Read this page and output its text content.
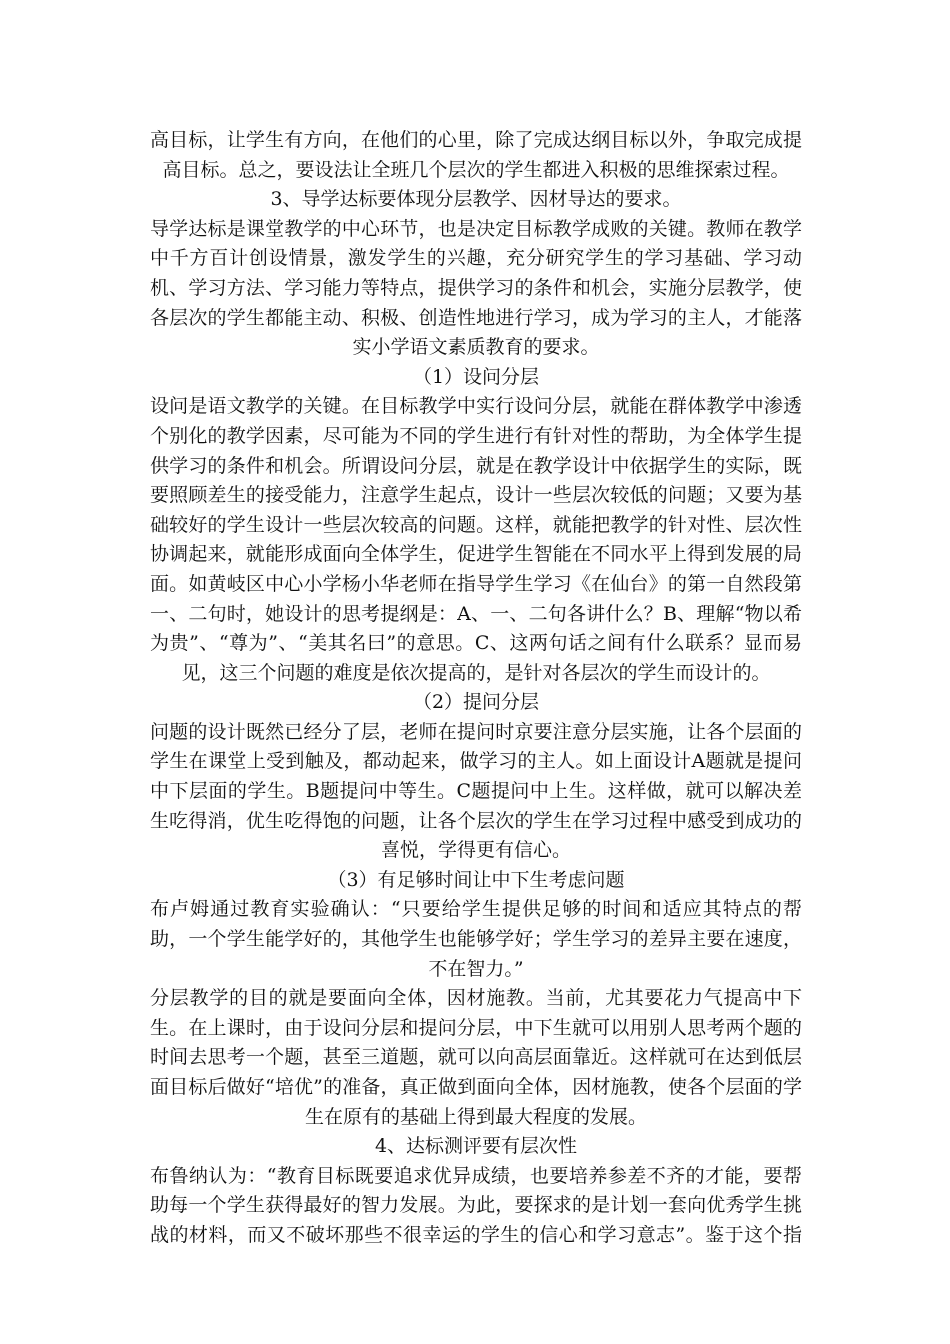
高目标，让学生有方向，在他们的心里，除了完成达纲目标以外，争取完成提高目标。总之，要设法让全班几个层次的学生都进入积极的思维探索过程。

3、导学达标要体现分层教学、因材导达的要求。

导学达标是课堂教学的中心环节，也是决定目标教学成败的关键。教师在教学中千方百计创设情景，激发学生的兴趣，充分研究学生的学习基础、学习动机、学习方法、学习能力等特点，提供学习的条件和机会，实施分层教学，使各层次的学生都能主动、积极、创造性地进行学习，成为学习的主人，才能落实小学语文素质教育的要求。

（1）设问分层

设问是语文教学的关键。在目标教学中实行设问分层，就能在群体教学中渗透个别化的教学因素，尽可能为不同的学生进行有针对性的帮助，为全体学生提供学习的条件和机会。所谓设问分层，就是在教学设计中依据学生的实际，既要照顾差生的接受能力，注意学生起点，设计一些层次较低的问题；又要为基础较好的学生设计一些层次较高的问题。这样，就能把教学的针对性、层次性协调起来，就能形成面向全体学生，促进学生智能在不同水平上得到发展的局面。如黄岐区中心小学杨小华老师在指导学生学习《在仙台》的第一自然段第一、二句时，她设计的思考提纲是：A、一、二句各讲什么？B、理解“物以希为贵”、“尊为”、“美其名曰”的意思。C、这两句话之间有什么联系？显而易见，这三个问题的难度是依次提高的，是针对各层次的学生而设计的。

（2）提问分层

问题的设计既然已经分了层，老师在提问时京要注意分层实施，让各个层面的学生在课堂上受到触及，都动起来，做学习的主人。如上面设计A题就是提问中下层面的学生。B题提问中等生。C题提问中上生。这样做，就可以解决差生吃得消，优生吃得饱的问题，让各个层次的学生在学习过程中感受到成功的喜悦，学得更有信心。

（3）有足够时间让中下生考虑问题

布卢姆通过教育实验确认：“只要给学生提供足够的时间和适应其特点的帮助，一个学生能学好的，其他学生也能够学好；学生学习的差异主要在速度，不在智力。”

分层教学的目的就是要面向全体，因材施教。当前，尤其要花力气提高中下生。在上课时，由于设问分层和提问分层，中下生就可以用别人思考两个题的时间去思考一个题，甚至三道题，就可以向高层面靠近。这样就可在达到低层面目标后做好“培优”的准备，真正做到面向全体，因材施教，使各个层面的学生在原有的基础上得到最大程度的发展。

4、达标测评要有层次性

布鲁纳认为：“教育目标既要追求优异成绩，也要培养参差不齐的才能，要帮助每一个学生获得最好的智力发展。为此，要探求的是计划一套向优秀学生挑战的材料，而又不破坏那些不很幸运的学生的信心和学习意志”。鉴于这个指
